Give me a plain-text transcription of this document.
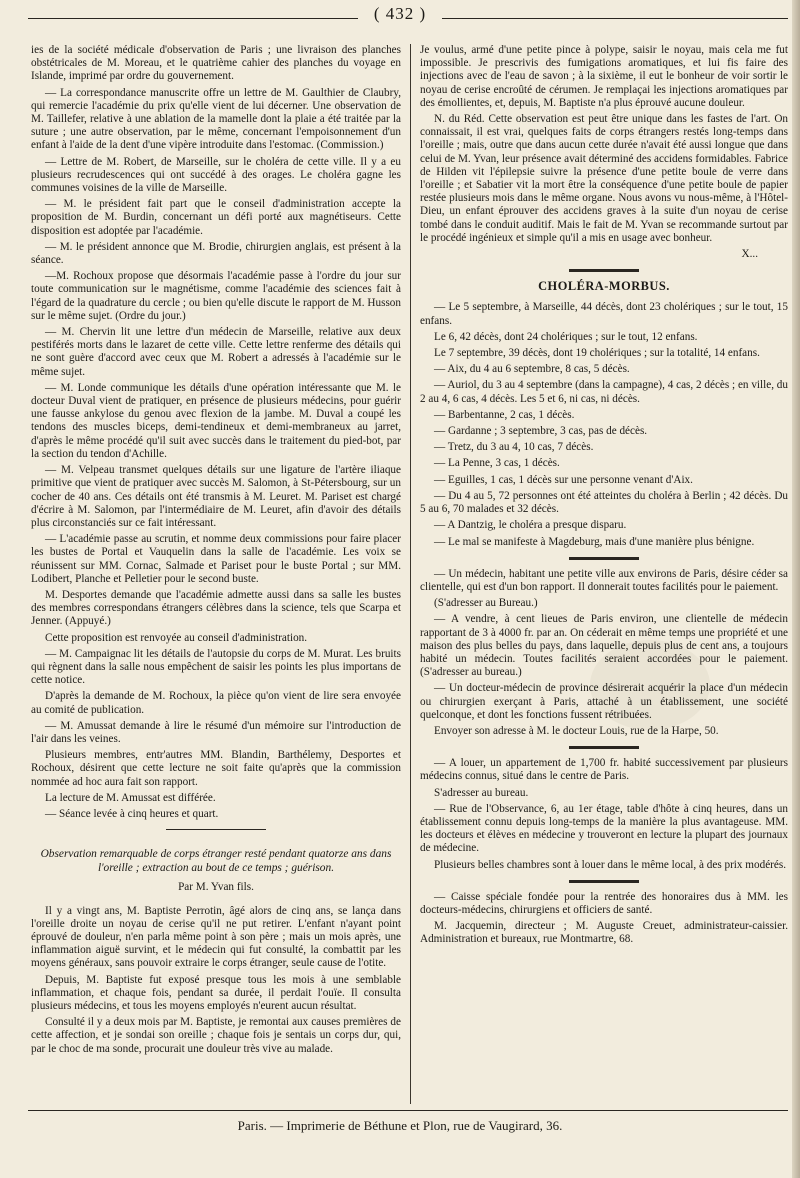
( 432 )

ies de la société médicale d'observation de Paris ; une livraison des planches obstétricales de M. Moreau, et le quatrième cahier des planches du voyage en Islande, imprimé par ordre du gouvernement.

— La correspondance manuscrite offre un lettre de M. Gaulthier de Claubry, qui remercie l'académie du prix qu'elle vient de lui décerner. Une observation de M. Taillefer, relative à une ablation de la mamelle dont la plaie a été traitée par la suture ; une autre observation, par le même, concernant l'empoisonnement d'un enfant à l'aide de la dent d'une vipère introduite dans l'estomac. (Commission.)

— Lettre de M. Robert, de Marseille, sur le choléra de cette ville. Il y a eu plusieurs recrudescences qui ont succédé à des orages. Le choléra gagne les communes voisines de la ville de Marseille.

— M. le président fait part que le conseil d'administration accepte la proposition de M. Burdin, concernant un défi porté aux magnétiseurs. Cette disposition est adoptée par l'académie.

— M. le président annonce que M. Brodie, chirurgien anglais, est présent à la séance.

—M. Rochoux propose que désormais l'académie passe à l'ordre du jour sur toute communication sur le magnétisme, comme l'académie des sciences fait à l'égard de la quadrature du cercle ; ou bien qu'elle discute le rapport de M. Husson sur le même sujet. (Ordre du jour.)

— M. Chervin lit une lettre d'un médecin de Marseille, relative aux deux pestiférés morts dans le lazaret de cette ville. Cette lettre renferme des détails qui ne sont guère d'accord avec ceux que M. Robert a adressés à l'académie sur le même sujet.

— M. Londe communique les détails d'une opération intéressante que M. le docteur Duval vient de pratiquer, en présence de plusieurs médecins, pour guérir une fausse ankylose du genou avec flexion de la jambe. M. Duval a coupé les tendons des muscles biceps, demi-tendineux et demi-membraneux au jarret, d'après le même procédé qu'il suit avec succès dans le traitement du pied-bot, par la section du tendon d'Achille.

— M. Velpeau transmet quelques détails sur une ligature de l'artère iliaque primitive que vient de pratiquer avec succès M. Salomon, à St-Pétersbourg, sur un cocher de 40 ans. Ces détails ont été transmis à M. Leuret. M. Pariset est chargé d'écrire à M. Salomon, par l'intermédiaire de M. Leuret, afin d'avoir des détails plus circonstanciés sur ce fait intéressant.

— L'académie passe au scrutin, et nomme deux commissions pour faire placer les bustes de Portal et Vauquelin dans la salle de l'académie. Les voix se réunissent sur MM. Cornac, Salmade et Pariset pour le buste Portal ; sur MM. Lodibert, Planche et Pelletier pour le second buste.

M. Desportes demande que l'académie admette aussi dans sa salle les bustes des membres correspondans étrangers célèbres dans la science, tels que Scarpa et Jenner. (Appuyé.)

Cette proposition est renvoyée au conseil d'administration.

— M. Campaignac lit les détails de l'autopsie du corps de M. Murat. Les bruits qui règnent dans la salle nous empêchent de saisir les points les plus importans de cette notice.

D'après la demande de M. Rochoux, la pièce qu'on vient de lire sera envoyée au comité de publication.

— M. Amussat demande à lire le résumé d'un mémoire sur l'introduction de l'air dans les veines.

Plusieurs membres, entr'autres MM. Blandin, Barthélemy, Desportes et Rochoux, désirent que cette lecture ne soit faite qu'après que la commission nommée ad hoc aura fait son rapport.

La lecture de M. Amussat est différée.

— Séance levée à cinq heures et quart.

Observation remarquable de corps étranger resté pendant quatorze ans dans l'oreille ; extraction au bout de ce temps ; guérison.

Par M. Yvan fils.

Il y a vingt ans, M. Baptiste Perrotin, âgé alors de cinq ans, se lança dans l'oreille droite un noyau de cerise qu'il ne put retirer. L'enfant n'ayant point éprouvé de douleur, n'en parla même point à son père ; mais un mois après, une inflammation aiguë survint, et le médecin qui fut consulté, la combattit par les moyens généraux, sans pouvoir extraire le corps étranger, seule cause de l'otite.

Depuis, M. Baptiste fut exposé presque tous les mois à une semblable inflammation, et chaque fois, pendant sa durée, il perdait l'ouïe. Il consulta plusieurs médecins, et tous les moyens employés n'eurent aucun résultat.

Consulté il y a deux mois par M. Baptiste, je remontai aux causes premières de cette affection, et je sondai son oreille ; chaque fois je sentais un corps dur, qui, par le choc de ma sonde, procurait une douleur très vive au malade.

Je voulus, armé d'une petite pince à polype, saisir le noyau, mais cela me fut impossible. Je prescrivis des fumigations aromatiques, et lui fis faire des injections avec de l'eau de savon ; à la sixième, il eut le bonheur de voir sortir le noyau de cerise encroûté de cérumen. Je remplaçai les injections aromatiques par des émollientes, et, depuis, M. Baptiste n'a plus éprouvé aucune douleur.

N. du Réd. Cette observation est peut être unique dans les fastes de l'art. On connaissait, il est vrai, quelques faits de corps étrangers restés long-temps dans l'oreille ; mais, outre que dans aucun cette durée n'avait été aussi longue que dans celui de M. Yvan, leur présence avait déterminé des accidens formidables. Fabrice de Hilden vit l'épilepsie suivre la présence d'une petite boule de verre dans l'oreille ; et Sabatier vit la mort être la conséquence d'une petite boule de papier restée plusieurs mois dans le même organe. Nous avons vu nous-même, à l'Hôtel-Dieu, un enfant éprouver des accidens graves à la suite d'un noyau de cerise tombé dans le conduit auditif. Mais le fait de M. Yvan se recommande surtout par le procédé ingénieux et simple qu'il a mis en usage avec bonheur.

X...

CHOLÉRA-MORBUS.

— Le 5 septembre, à Marseille, 44 décès, dont 23 cholériques ; sur le tout, 15 enfans.

Le 6, 42 décès, dont 24 cholériques ; sur le tout, 12 enfans.

Le 7 septembre, 39 décès, dont 19 cholériques ; sur la totalité, 14 enfans.

— Aix, du 4 au 6 septembre, 8 cas, 5 décès.

— Auriol, du 3 au 4 septembre (dans la campagne), 4 cas, 2 décès ; en ville, du 2 au 4, 6 cas, 4 décès. Les 5 et 6, ni cas, ni décès.

— Barbentanne, 2 cas, 1 décès.

— Gardanne ; 3 septembre, 3 cas, pas de décès.

— Tretz, du 3 au 4, 10 cas, 7 décès.

— La Penne, 3 cas, 1 décès.

— Eguilles, 1 cas, 1 décès sur une personne venant d'Aix.

— Du 4 au 5, 72 personnes ont été atteintes du choléra à Berlin ; 42 décès. Du 5 au 6, 70 malades et 32 décès.

— A Dantzig, le choléra a presque disparu.

— Le mal se manifeste à Magdeburg, mais d'une manière plus bénigne.

— Un médecin, habitant une petite ville aux environs de Paris, désire céder sa clientelle, qui est d'un bon rapport. Il donnerait toutes facilités pour le paiement.

(S'adresser au Bureau.)

— A vendre, à cent lieues de Paris environ, une clientelle de médecin rapportant de 3 à 4000 fr. par an. On céderait en même temps une propriété et une maison des plus belles du pays, dans laquelle, depuis plus de cent ans, a toujours habité un médecin. Toutes facilités seraient accordées pour le paiement. (S'adresser au bureau.)

— Un docteur-médecin de province désirerait acquérir la place d'un médecin ou chirurgien exerçant à Paris, attaché à un établissement, une société quelconque, et dont les fonctions fussent rétribuées.

Envoyer son adresse à M. le docteur Louis, rue de la Harpe, 50.

— A louer, un appartement de 1,700 fr. habité successivement par plusieurs médecins connus, situé dans le centre de Paris.

S'adresser au bureau.

— Rue de l'Observance, 6, au 1er étage, table d'hôte à cinq heures, dans un établissement connu depuis long-temps de la manière la plus avantageuse. MM. les docteurs et élèves en médecine y trouveront en lecture la plupart des journaux de médecine.

Plusieurs belles chambres sont à louer dans le même local, à des prix modérés.

— Caisse spéciale fondée pour la rentrée des honoraires dus à MM. les docteurs-médecins, chirurgiens et officiers de santé.

M. Jacquemin, directeur ; M. Auguste Creuet, administrateur-caissier. Administration et bureaux, rue Montmartre, 68.

Paris. — Imprimerie de Béthune et Plon, rue de Vaugirard, 36.
